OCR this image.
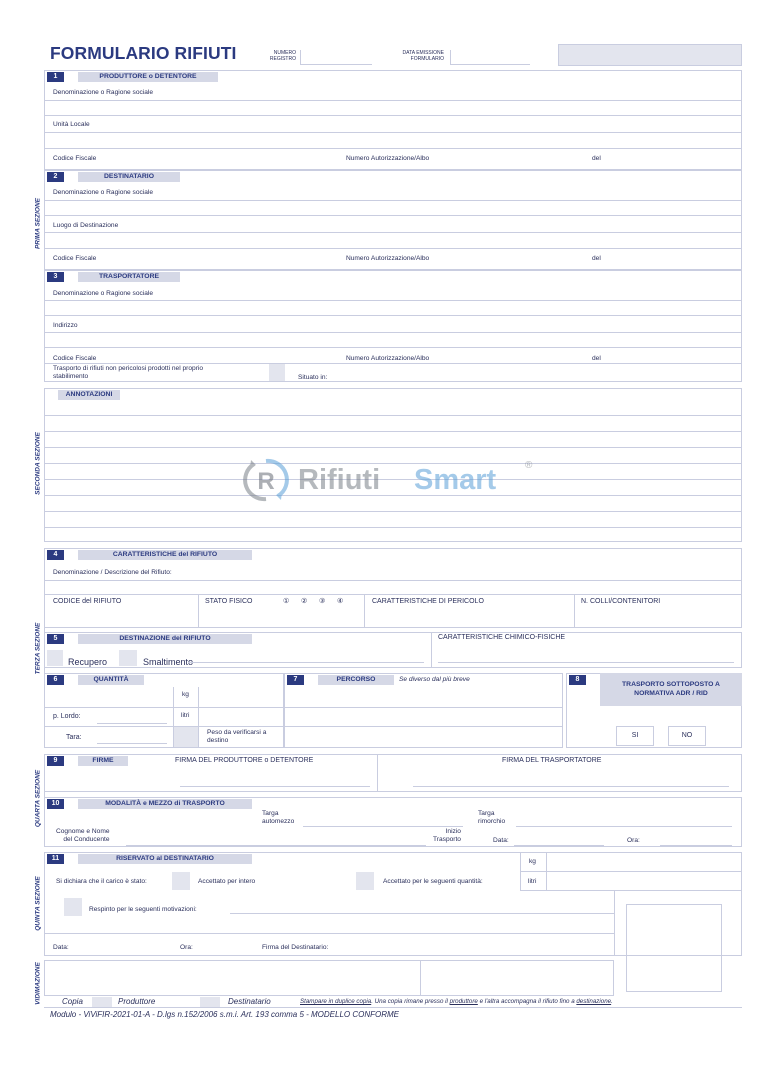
FORMULARIO RIFIUTI	NUMERO
REGISTRO
DATA EMISSIONE
FORMULARIO
PRIMA SEZIONE
SECONDA SEZIONE
TERZA SEZIONE
QUARTA SEZIONE
QUINTA SEZIONE
VIDIMAZIONE
1	PRODUTTORE o DETENTORE
Denominazione o Ragione sociale
Unità Locale
Codice Fiscale	Numero Autorizzazione/Albo	del
2	DESTINATARIO
Denominazione o Ragione sociale
Luogo di Destinazione
Codice Fiscale	Numero Autorizzazione/Albo	del
3	TRASPORTATORE
Denominazione o Ragione sociale
Indirizzo
Codice Fiscale	Numero Autorizzazione/Albo	del
Trasporto di rifiuti non pericolosi prodotti nel proprio
stabilimento	Situato in:
ANNOTAZIONI
R Rifiuti Smart	®
4	CARATTERISTICHE del RIFIUTO
Denominazione / Descrizione del Rifiuto:
CODICE del RIFIUTO	STATO FISICO	① ② ③ ④	CARATTERISTICHE DI PERICOLO	N. COLLI/CONTENITORI
5	DESTINAZIONE del RIFIUTO	CARATTERISTICHE CHIMICO-FISICHE
Recupero	Smaltimento
6	QUANTITÀ
kg
p. Lordo:	litri
Tara:
Peso da verificarsi a
destino
7	PERCORSO	Se diverso dal più breve	8
TRASPORTO SOTTOPOSTO A
NORMATIVA ADR / RID
SI	NO
9	FIRME	FIRMA DEL PRODUTTORE o DETENTORE	FIRMA DEL TRASPORTATORE
10	MODALITÀ e MEZZO di TRASPORTO
Targa
automezzo
Targa
rimorchio
Cognome e Nome
del Conducente
Inizio
Trasporto	Data:	Ora:
11	RISERVATO al DESTINATARIO	kg
litri
Si dichiara che il carico è stato:	Accettato per intero	Accettato per le seguenti quantità:
Respinto per le seguenti motivazioni:
Data:	Ora:	Firma del Destinatario:
Copia	Produttore	Destinatario	Stampare in duplice copia. Una copia rimane presso il produttore e l'altra accompagna il rifiuto fino a destinazione.
Modulo - ViViFIR-2021-01-A - D.lgs n.152/2006 s.m.i. Art. 193 comma 5 - MODELLO CONFORME
